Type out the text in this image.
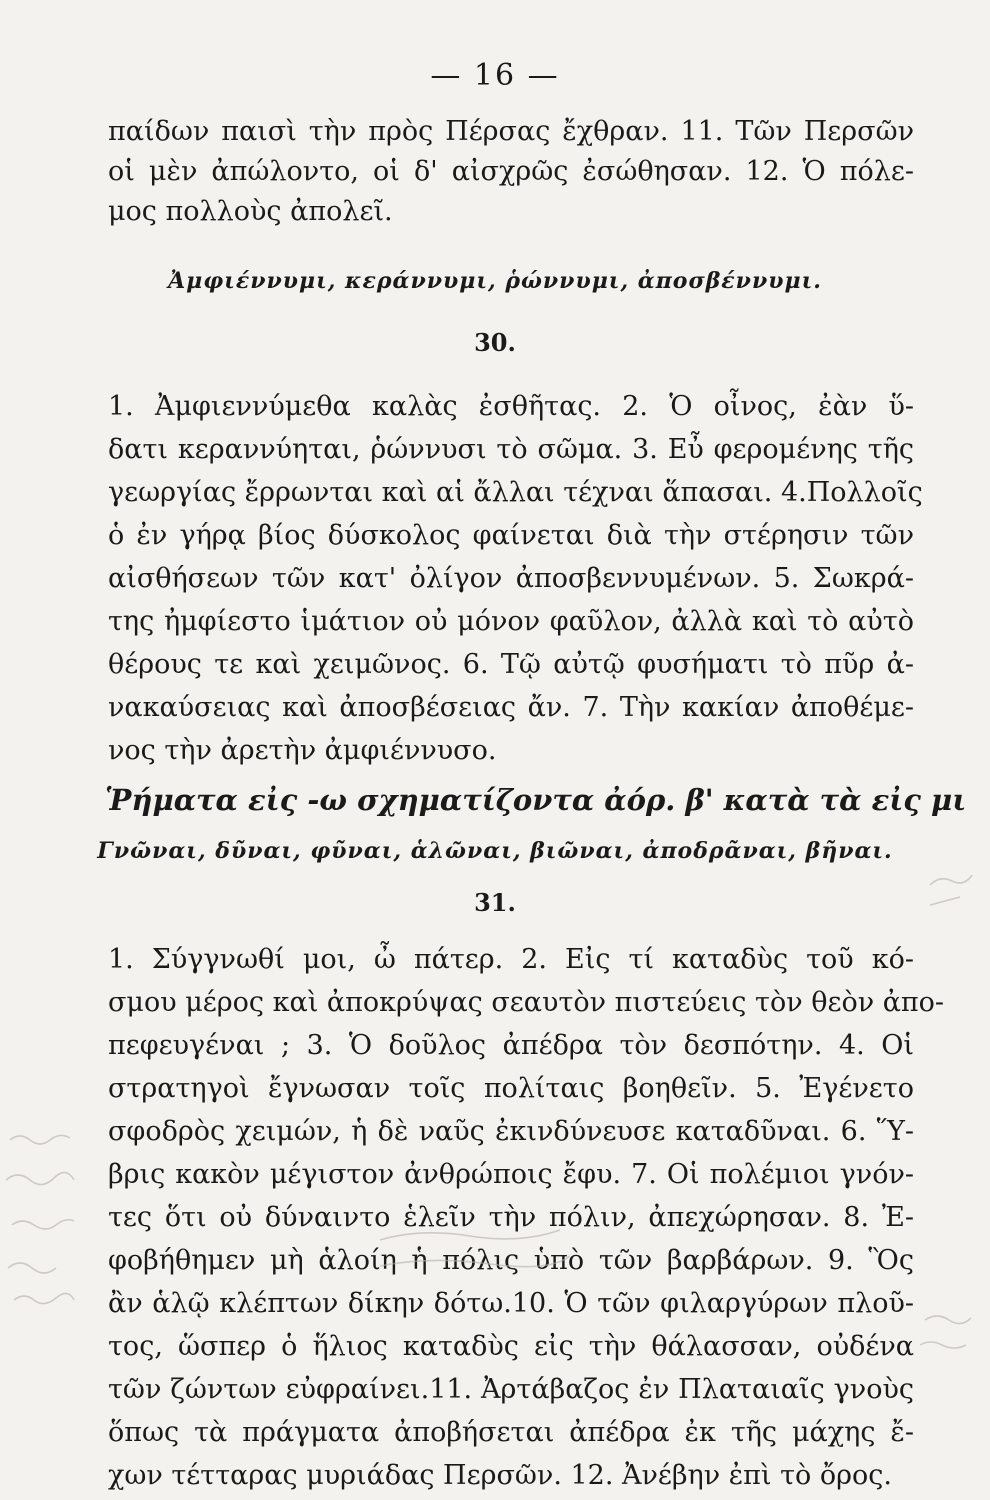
— 16 —
παίδων παισὶ τὴν πρὸς Πέρσας ἔχθραν. 11. Τῶν Περσῶν
οἱ μὲν ἀπώλοντο, οἱ δ' αἰσχρῶς ἐσώθησαν. 12. Ὁ πόλε-
μος πολλοὺς ἀπολεῖ.
Ἀμφιέννυμι, κεράννυμι, ῥώννυμι, ἀποσβέννυμι.
30.
1. Ἀμφιεννύμεθα καλὰς ἐσθῆτας. 2. Ὁ οἶνος, ἐὰν ὕ-
δατι κεραννύηται, ῥώννυσι τὸ σῶμα. 3. Εὖ φερομένης τῆς
γεωργίας ἔρρωνται καὶ αἱ ἄλλαι τέχναι ἅπασαι. 4.Πολλοῖς
ὁ ἐν γήρᾳ βίος δύσκολος φαίνεται διὰ τὴν στέρησιν τῶν
αἰσθήσεων τῶν κατ' ὀλίγον ἀποσβεννυμένων. 5. Σωκρά-
της ἠμφίεστο ἱμάτιον οὐ μόνον φαῦλον, ἀλλὰ καὶ τὸ αὐτὸ
θέρους τε καὶ χειμῶνος. 6. Τῷ αὐτῷ φυσήματι τὸ πῦρ ἀ-
νακαύσειας καὶ ἀποσβέσειας ἄν. 7. Τὴν κακίαν ἀποθέμε-
νος τὴν ἀρετὴν ἀμφιέννυσο.
Ῥήματα εἰς -ω σχηματίζοντα ἀόρ. β' κατὰ τὰ εἰς μι
Γνῶναι, δῦναι, φῦναι, ἁλῶναι, βιῶναι, ἀποδρᾶναι, βῆναι.
31.
1. Σύγγνωθί μοι, ὦ πάτερ. 2. Εἰς τί καταδὺς τοῦ κό-
σμου μέρος καὶ ἀποκρύψας σεαυτὸν πιστεύεις τὸν θεὸν ἀπο-
πεφευγέναι ; 3. Ὁ δοῦλος ἀπέδρα τὸν δεσπότην. 4. Οἱ
στρατηγοὶ ἔγνωσαν τοῖς πολίταις βοηθεῖν. 5. Ἐγένετο
σφοδρὸς χειμών, ἡ δὲ ναῦς ἐκινδύνευσε καταδῦναι. 6. Ὕ-
βρις κακὸν μέγιστον ἀνθρώποις ἔφυ. 7. Οἱ πολέμιοι γνόν-
τες ὅτι οὐ δύναιντο ἑλεῖν τὴν πόλιν, ἀπεχώρησαν. 8. Ἐ-
φοβήθημεν μὴ ἁλοίη ἡ πόλις ὑπὸ τῶν βαρβάρων. 9. Ὃς
ἂν ἁλῷ κλέπτων δίκην δότω.10. Ὁ τῶν φιλαργύρων πλοῦ-
τος, ὥσπερ ὁ ἥλιος καταδὺς εἰς τὴν θάλασσαν, οὐδένα
τῶν ζώντων εὐφραίνει.11. Ἀρτάβαζος ἐν Πλαταιαῖς γνοὺς
ὅπως τὰ πράγματα ἀποβήσεται ἀπέδρα ἐκ τῆς μάχης ἔ-
χων τέτταρας μυριάδας Περσῶν. 12. Ἀνέβην ἐπὶ τὸ ὄρος.
